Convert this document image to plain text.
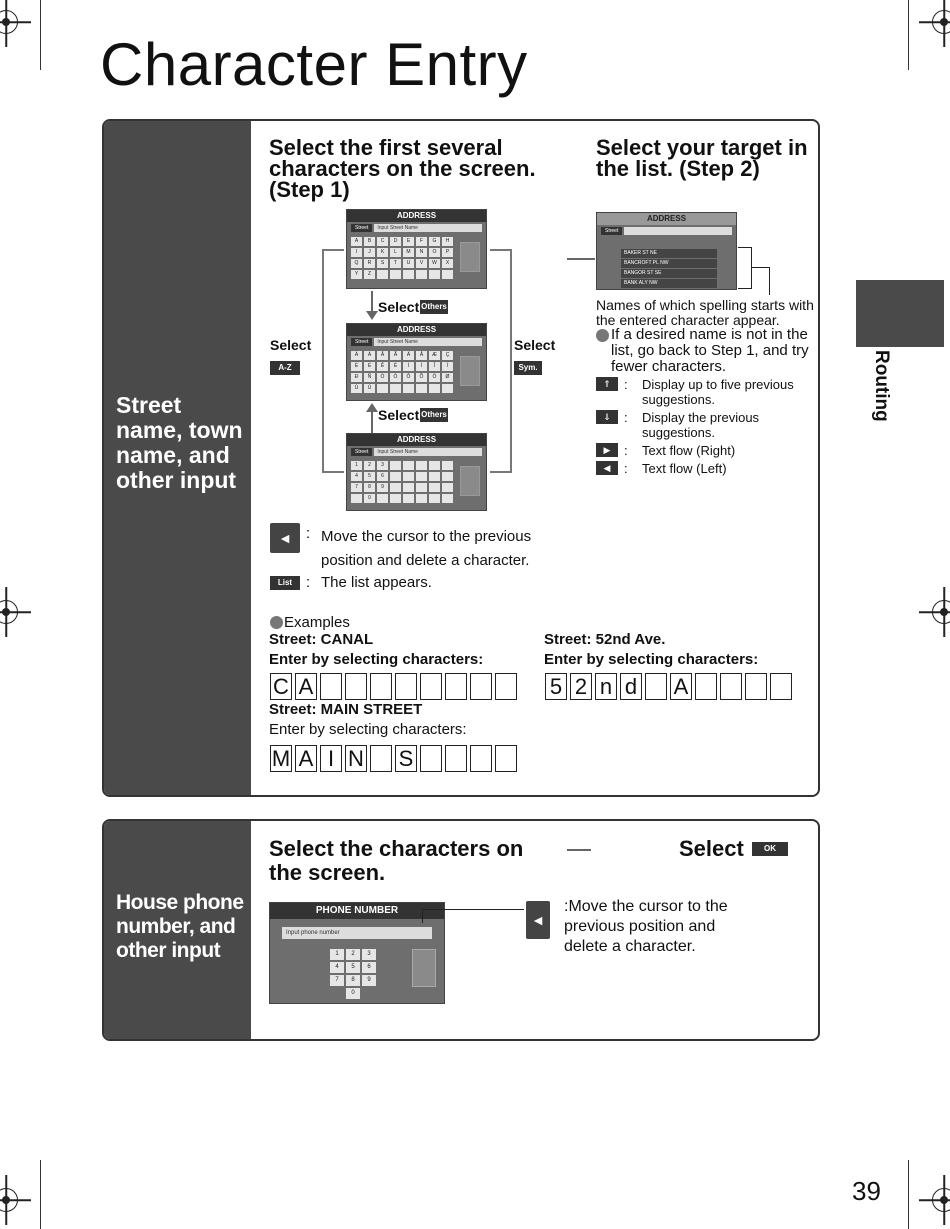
Character Entry
Routing
Street name, town name, and other input
Select the first several characters on the screen. (Step 1)
Select your target in the list. (Step 2)
ADDRESS
Street	Input Street Name
A	B	C	D	E	F	G	H
I	J	K	L	M	N	O	P
Q	R	S	T	U	V	W	X
Y	Z
Select Others
ADDRESS
Street	Input Street Name
À	Á	Â	Ã	Ä	Å	Æ	Ç
È	É	Ê	Ë	Ì	Í	Î	Ï
Ð	Ñ	Ò	Ó	Ô	Õ	Ö	Ø
Ù	Ú
Select Others
ADDRESS
Street	Input Street Name
1	2	3
4	5	6
7	8	9
0
Select
A-Z
Select
Sym.
ADDRESS
Street
BAKER ST NE
BANCROFT PL NW
BANGOR ST SE
BANK ALY NW
Names of which spelling starts with the entered character appear.
If a desired name is not in the list, go back to Step 1, and try fewer characters.
⇑	:	Display up to five previous suggestions.
⇓	:	Display the previous suggestions.
▶	:	Text flow (Right)
◀	:	Text flow (Left)
◄ : Move the cursor to the previous position and delete a character.
List : The list appears.
Examples
Street: CANAL
Enter by selecting characters:
C A
Street: 52nd Ave.
Enter by selecting characters:
5 2 n d A
Street: MAIN STREET
Enter by selecting characters:
M A I N S
House phone number, and other input
Select the characters on the screen.
Select	OK
PHONE NUMBER
Input phone number
1	2	3
4	5	6
7	8	9
0
◄
:Move the cursor to the previous position and delete a character.
39
